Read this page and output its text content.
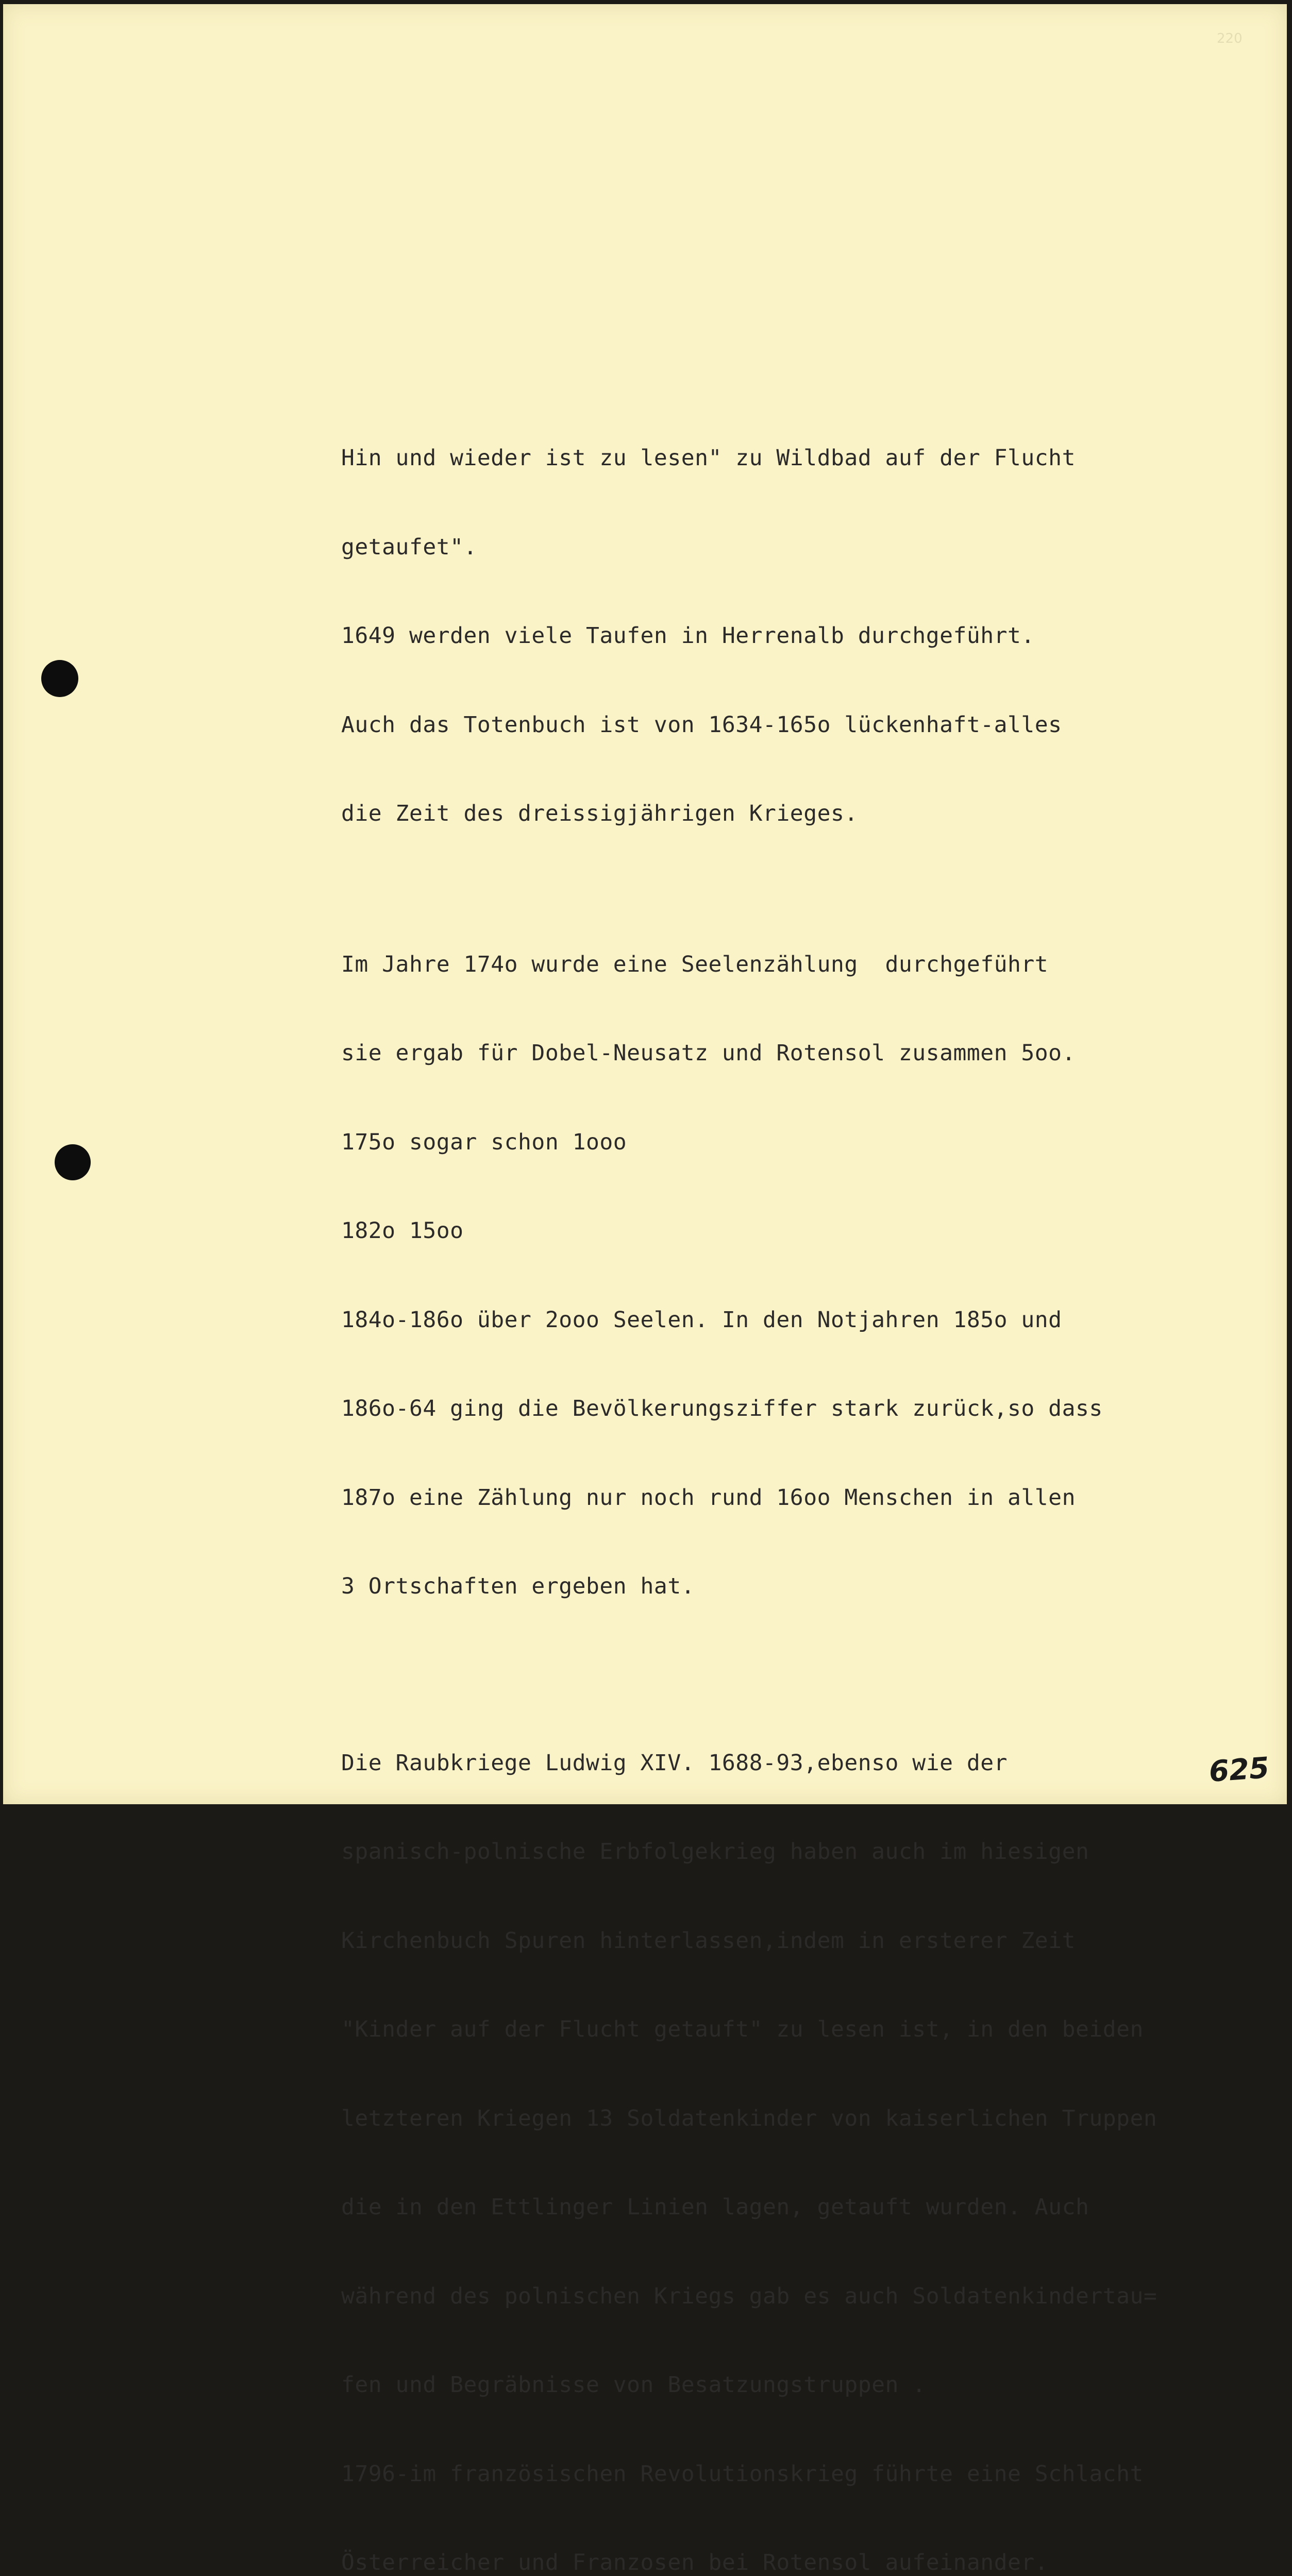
220

Hin und wieder ist zu lesen" zu Wildbad auf der Flucht

getaufet".

1649 werden viele Taufen in Herrenalb durchgeführt.

Auch das Totenbuch ist von 1634-165o lückenhaft-alles

die Zeit des dreissigjährigen Krieges.

Im Jahre 174o wurde eine Seelenzählung  durchgeführt

sie ergab für Dobel-Neusatz und Rotensol zusammen 5oo.

175o sogar schon 1ooo

182o 15oo

184o-186o über 2ooo Seelen. In den Notjahren 185o und

186o-64 ging die Bevölkerungsziffer stark zurück,so dass

187o eine Zählung nur noch rund 16oo Menschen in allen

3 Ortschaften ergeben hat.

Die Raubkriege Ludwig XIV. 1688-93,ebenso wie der

spanisch-polnische Erbfolgekrieg haben auch im hiesigen

Kirchenbuch Spuren hinterlassen,indem in ersterer Zeit

"Kinder auf der Flucht getauft" zu lesen ist, in den beiden

letzteren Kriegen 13 Soldatenkinder von kaiserlichen Truppen

die in den Ettlinger Linien lagen, getauft wurden. Auch

während des polnischen Kriegs gab es auch Soldatenkindertau=

fen und Begräbnisse von Besatzungstruppen .

1796-im französischen Revolutionskrieg führte eine Schlacht

Österreicher und Franzosen bei Rotensol aufeinander.

625
